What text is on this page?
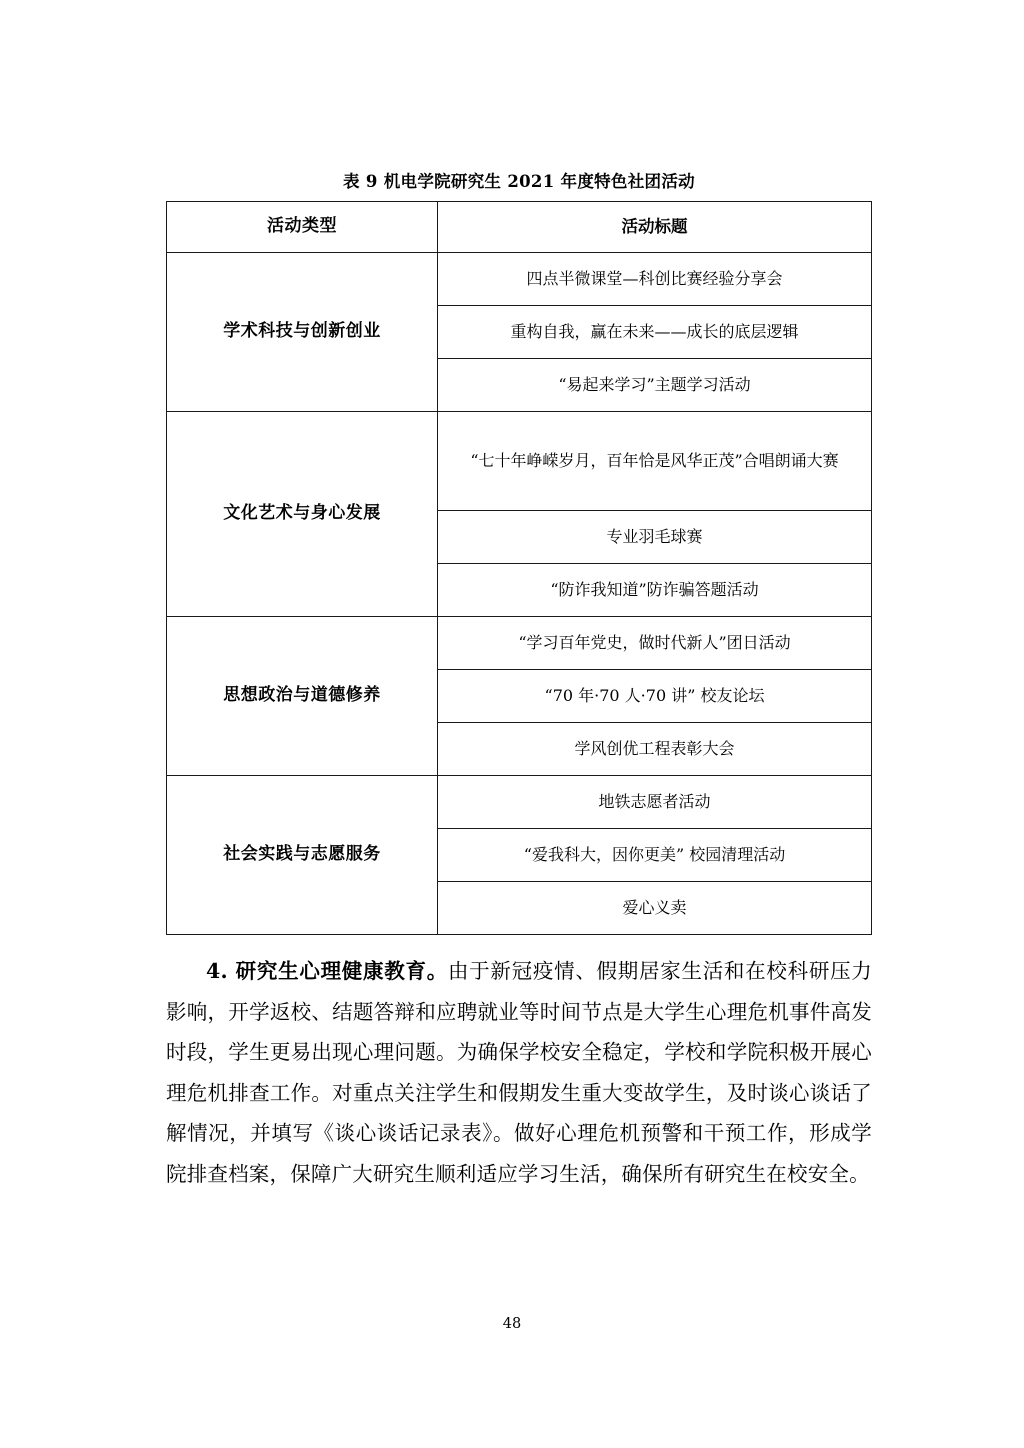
表 9 机电学院研究生 2021 年度特色社团活动
活动类型	活动标题
学术科技与创新创业	四点半微课堂—科创比赛经验分享会
	重构自我，赢在未来——成长的底层逻辑
	“易起来学习”主题学习活动
文化艺术与身心发展	“七十年峥嵘岁月，百年恰是风华正茂”合唱朗诵大赛
	专业羽毛球赛
	“防诈我知道”防诈骗答题活动
思想政治与道德修养	“学习百年党史，做时代新人”团日活动
	“70 年·70 人·70 讲” 校友论坛
	学风创优工程表彰大会
社会实践与志愿服务	地铁志愿者活动
	“爱我科大，因你更美” 校园清理活动
	爱心义卖

4. 研究生心理健康教育。由于新冠疫情、假期居家生活和在校科研压力影响，开学返校、结题答辩和应聘就业等时间节点是大学生心理危机事件高发时段，学生更易出现心理问题。为确保学校安全稳定，学校和学院积极开展心理危机排查工作。对重点关注学生和假期发生重大变故学生，及时谈心谈话了解情况，并填写《谈心谈话记录表》。做好心理危机预警和干预工作，形成学院排查档案，保障广大研究生顺利适应学习生活，确保所有研究生在校安全。

48
